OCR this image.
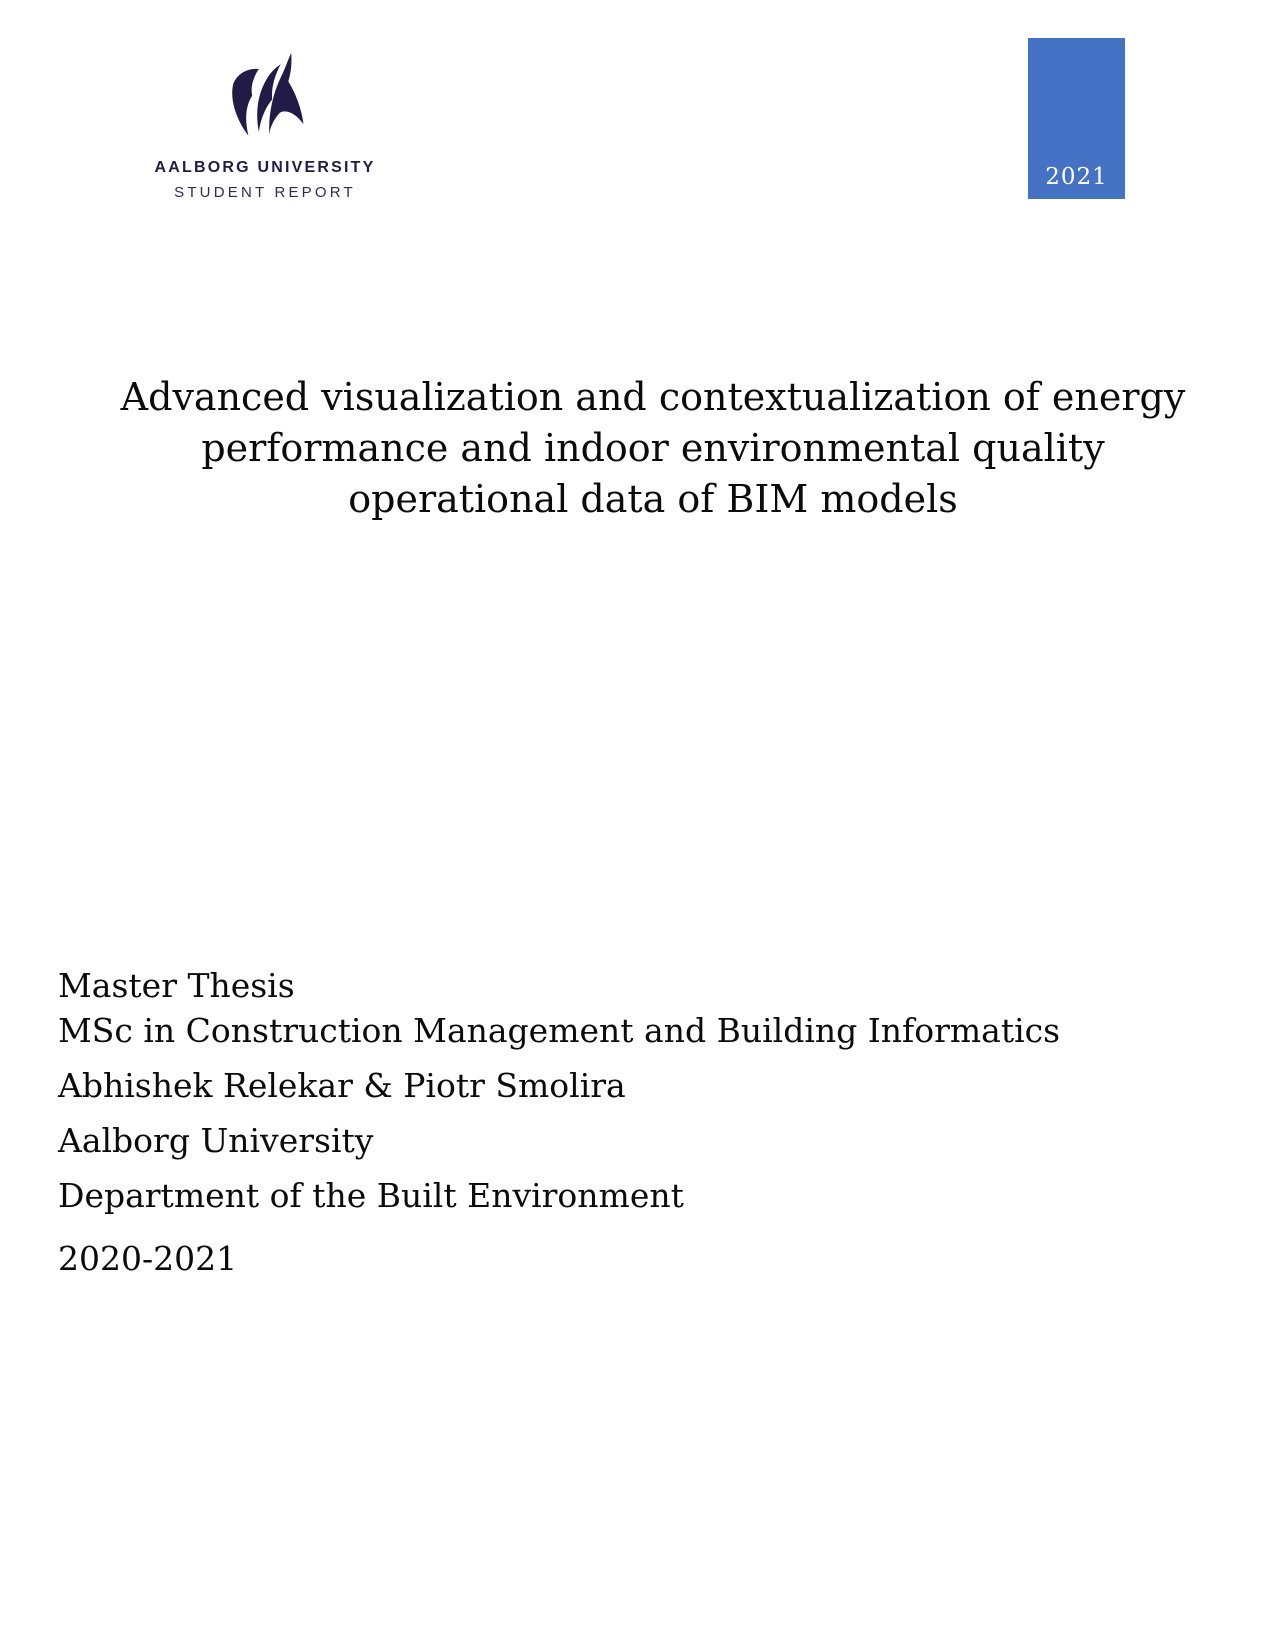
AALBORG UNIVERSITY
STUDENT REPORT
2021
Advanced visualization and contextualization of energy
performance and indoor environmental quality
operational data of BIM models

Master Thesis

MSc in Construction Management and Building Informatics

Abhishek Relekar & Piotr Smolira

Aalborg University

Department of the Built Environment

2020-2021
